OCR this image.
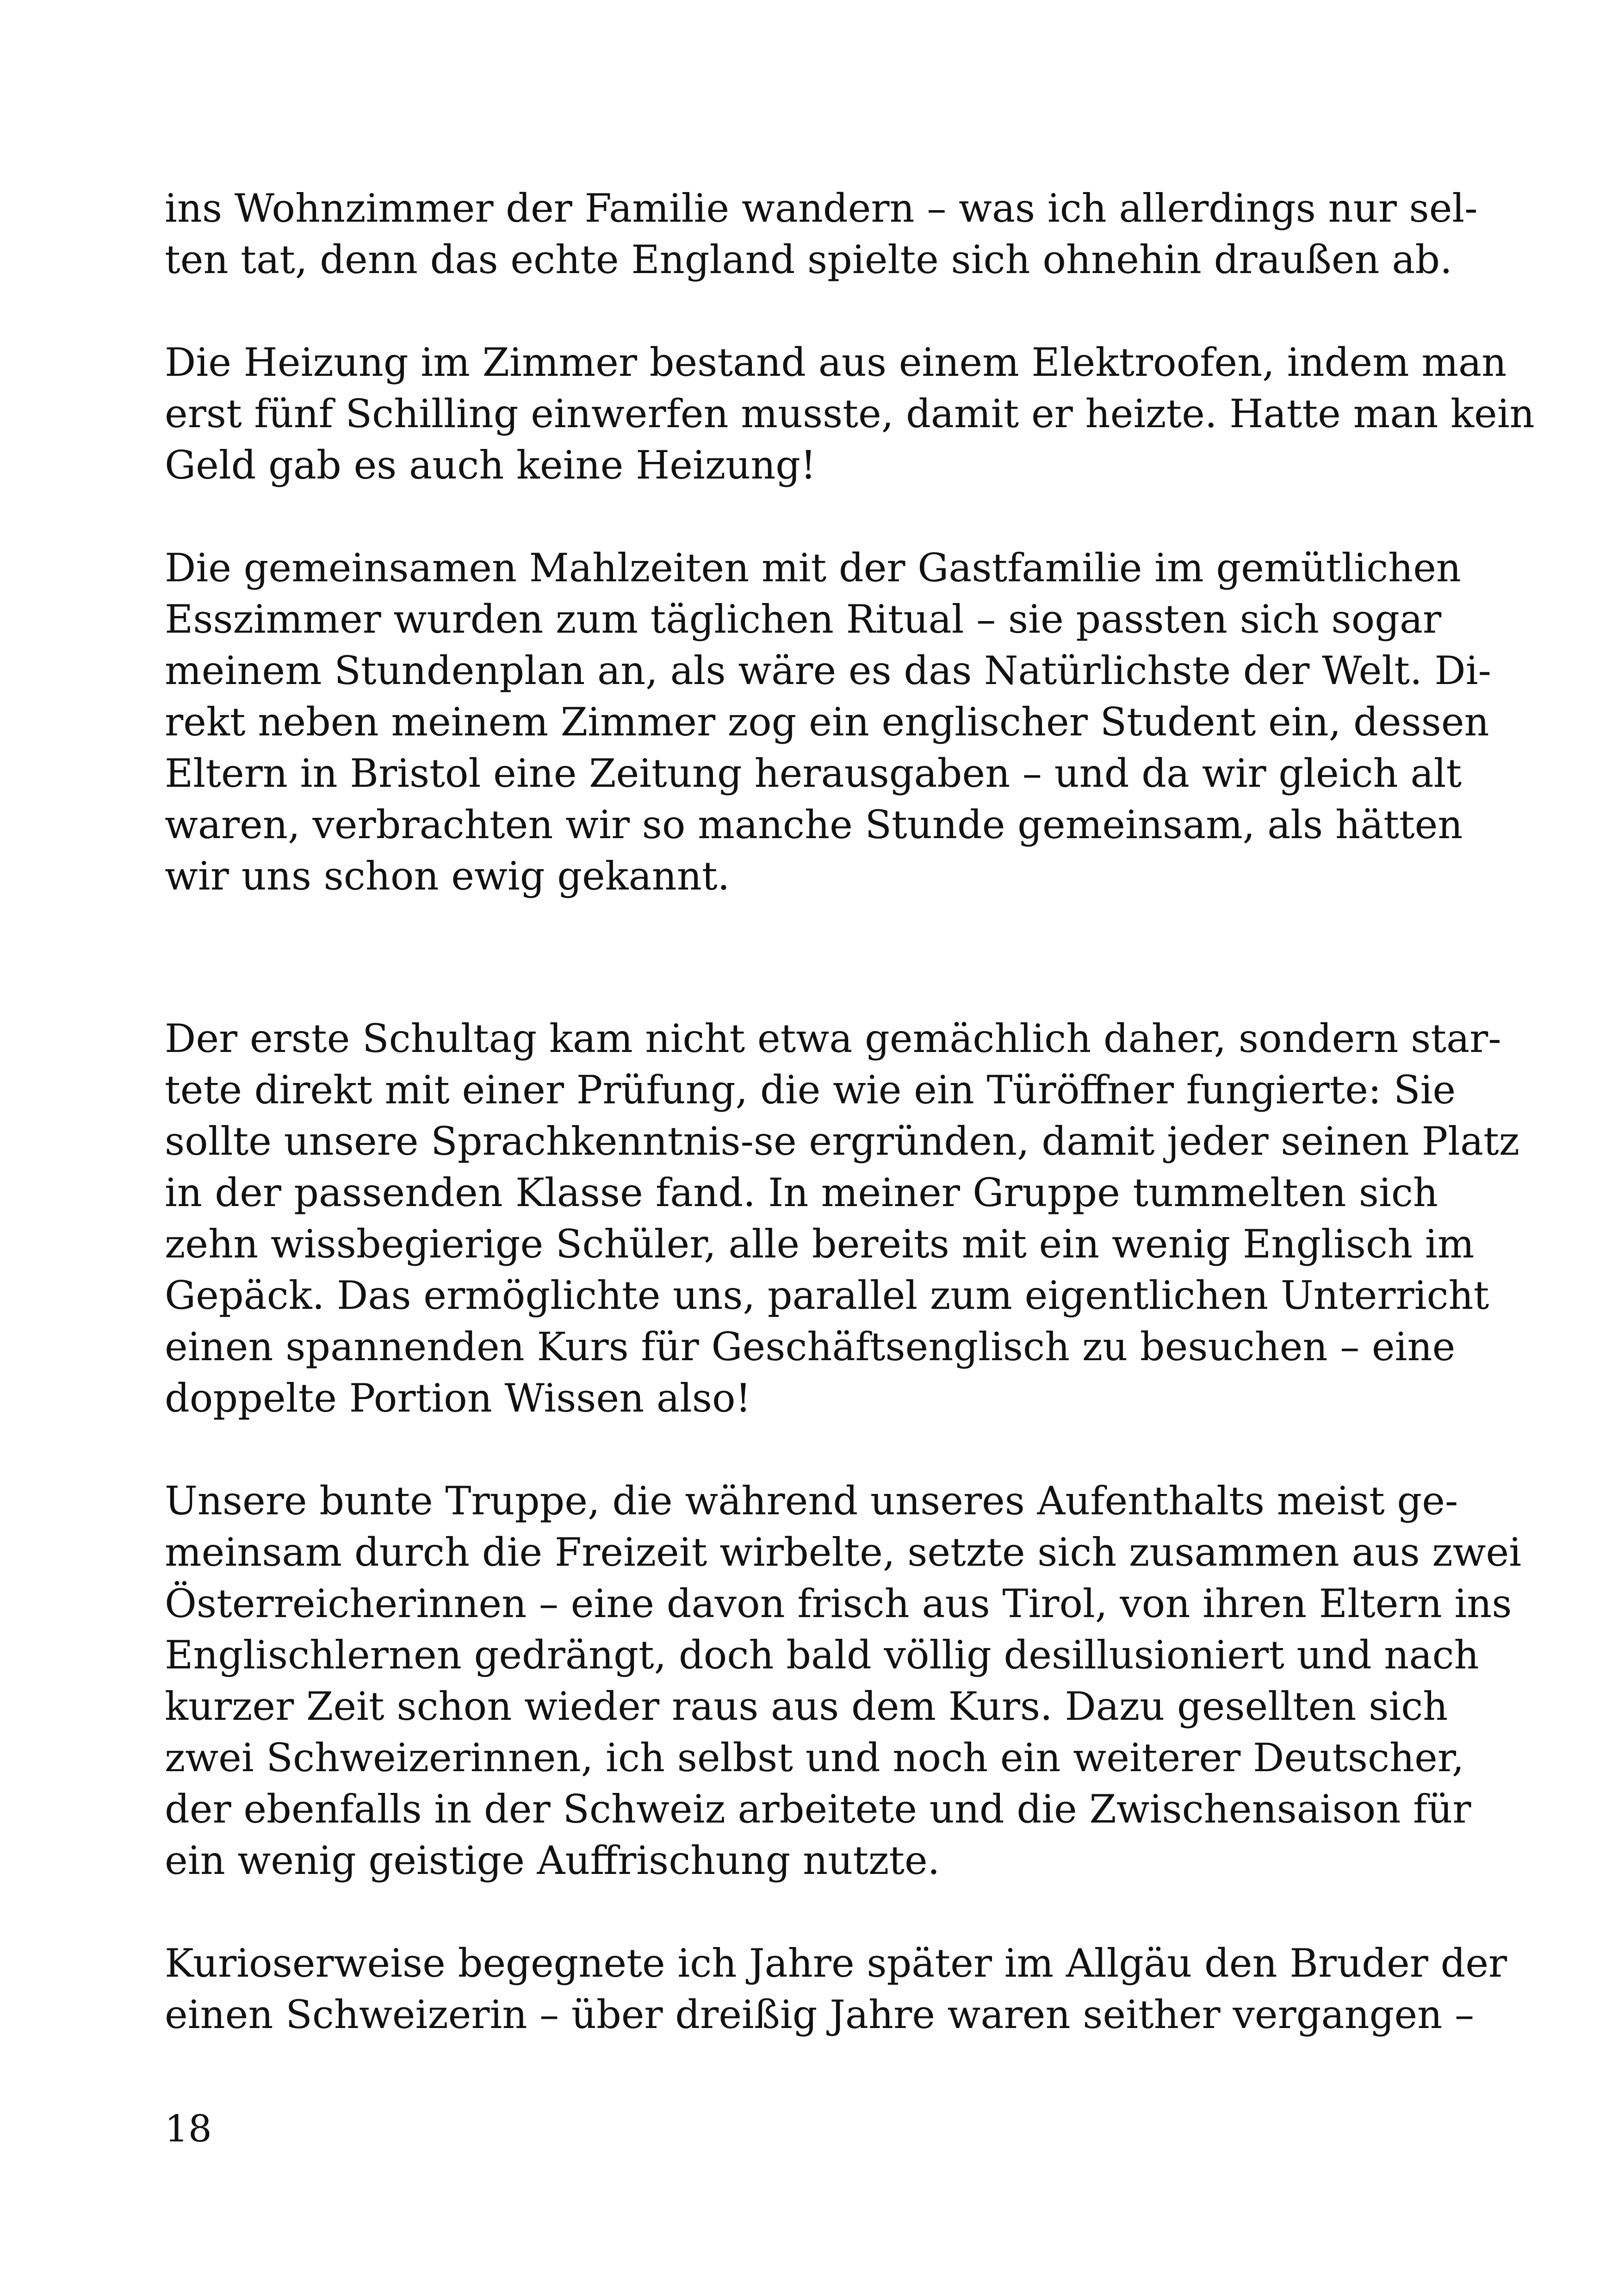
ins Wohnzimmer der Familie wandern – was ich allerdings nur sel-
ten tat, denn das echte England spielte sich ohnehin draußen ab.

Die Heizung im Zimmer bestand aus einem Elektroofen, indem man
erst fünf Schilling einwerfen musste, damit er heizte. Hatte man kein
Geld gab es auch keine Heizung!

Die gemeinsamen Mahlzeiten mit der Gastfamilie im gemütlichen
Esszimmer wurden zum täglichen Ritual – sie passten sich sogar
meinem Stundenplan an, als wäre es das Natürlichste der Welt. Di-
rekt neben meinem Zimmer zog ein englischer Student ein, dessen
Eltern in Bristol eine Zeitung herausgaben – und da wir gleich alt
waren, verbrachten wir so manche Stunde gemeinsam, als hätten
wir uns schon ewig gekannt.

Der erste Schultag kam nicht etwa gemächlich daher, sondern star-
tete direkt mit einer Prüfung, die wie ein Türöffner fungierte: Sie
sollte unsere Sprachkenntnis-se ergründen, damit jeder seinen Platz
in der passenden Klasse fand. In meiner Gruppe tummelten sich
zehn wissbegierige Schüler, alle bereits mit ein wenig Englisch im
Gepäck. Das ermöglichte uns, parallel zum eigentlichen Unterricht
einen spannenden Kurs für Geschäftsenglisch zu besuchen – eine
doppelte Portion Wissen also!

Unsere bunte Truppe, die während unseres Aufenthalts meist ge-
meinsam durch die Freizeit wirbelte, setzte sich zusammen aus zwei
Österreicherinnen – eine davon frisch aus Tirol, von ihren Eltern ins
Englischlernen gedrängt, doch bald völlig desillusioniert und nach
kurzer Zeit schon wieder raus aus dem Kurs. Dazu gesellten sich
zwei Schweizerinnen, ich selbst und noch ein weiterer Deutscher,
der ebenfalls in der Schweiz arbeitete und die Zwischensaison für
ein wenig geistige Auffrischung nutzte.

Kurioserweise begegnete ich Jahre später im Allgäu den Bruder der
einen Schweizerin – über dreißig Jahre waren seither vergangen –

18
